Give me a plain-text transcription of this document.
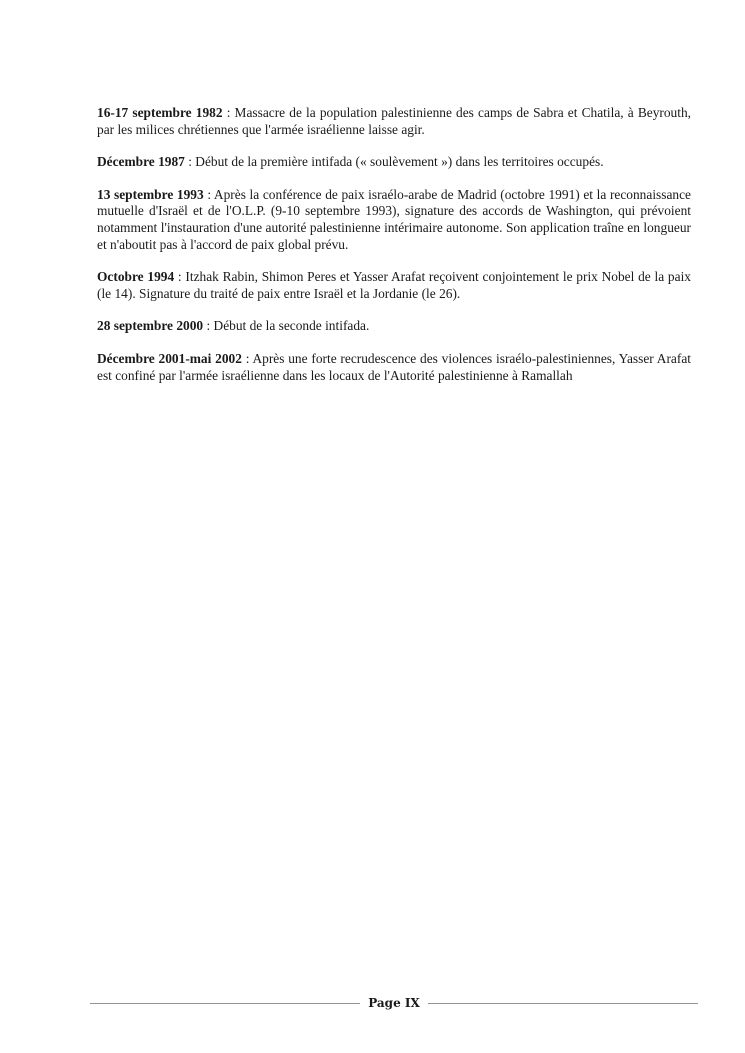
16-17 septembre 1982 : Massacre de la population palestinienne des camps de Sabra et Chatila, à Beyrouth, par les milices chrétiennes que l'armée israélienne laisse agir.

Décembre 1987 : Début de la première intifada (« soulèvement ») dans les territoires occupés.

13 septembre 1993 : Après la conférence de paix israélo-arabe de Madrid (octobre 1991) et la reconnaissance mutuelle d'Israël et de l'O.L.P. (9-10 septembre 1993), signature des accords de Washington, qui prévoient notamment l'instauration d'une autorité palestinienne intérimaire autonome. Son application traîne en longueur et n'aboutit pas à l'accord de paix global prévu.

Octobre 1994 : Itzhak Rabin, Shimon Peres et Yasser Arafat reçoivent conjointement le prix Nobel de la paix (le 14). Signature du traité de paix entre Israël et la Jordanie (le 26).

28 septembre 2000 : Début de la seconde intifada.

Décembre 2001-mai 2002 : Après une forte recrudescence des violences israélo-palestiniennes, Yasser Arafat est confiné par l'armée israélienne dans les locaux de l'Autorité palestinienne à Ramallah

Page IX
